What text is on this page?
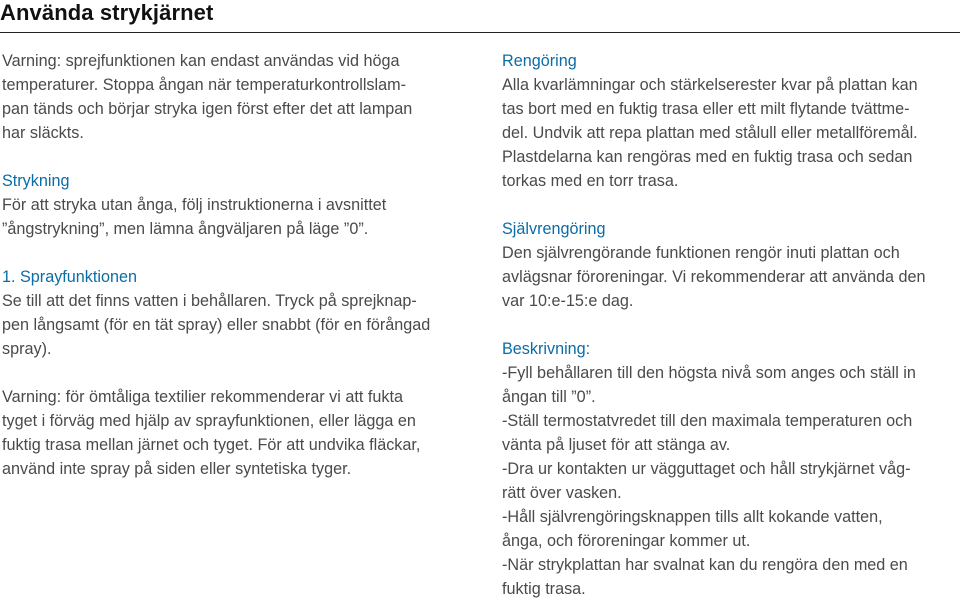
Använda strykjärnet

Varning: sprejfunktionen kan endast användas vid höga

temperaturer. Stoppa ångan när temperaturkontrollslam-

pan tänds och börjar stryka igen först efter det att lampan

har släckts.

Strykning

För att stryka utan ånga, följ instruktionerna i avsnittet

”ångstrykning”, men lämna ångväljaren på läge ”0”.

1. Sprayfunktionen

Se till att det finns vatten i behållaren. Tryck på sprejknap-

pen långsamt (för en tät spray) eller snabbt (för en förångad

spray).

Varning: för ömtåliga textilier rekommenderar vi att fukta

tyget i förväg med hjälp av sprayfunktionen, eller lägga en

fuktig trasa mellan järnet och tyget. För att undvika fläckar,

använd inte spray på siden eller syntetiska tyger.

Rengöring

Alla kvarlämningar och stärkelserester kvar på plattan kan

tas bort med en fuktig trasa eller ett milt flytande tvättme-

del. Undvik att repa plattan med stålull eller metallföremål.

Plastdelarna kan rengöras med en fuktig trasa och sedan

torkas med en torr trasa.

Självrengöring

Den självrengörande funktionen rengör inuti plattan och

avlägsnar föroreningar. Vi rekommenderar att använda den

var 10:e-15:e dag.

Beskrivning:

-Fyll behållaren till den högsta nivå som anges och ställ in

ångan till ”0”.

-Ställ termostatvredet till den maximala temperaturen och

vänta på ljuset för att stänga av.

-Dra ur kontakten ur vägguttaget och håll strykjärnet våg-

rätt över vasken.

-Håll självrengöringsknappen tills allt kokande vatten,

ånga, och föroreningar kommer ut.

-När strykplattan har svalnat kan du rengöra den med en

fuktig trasa.
